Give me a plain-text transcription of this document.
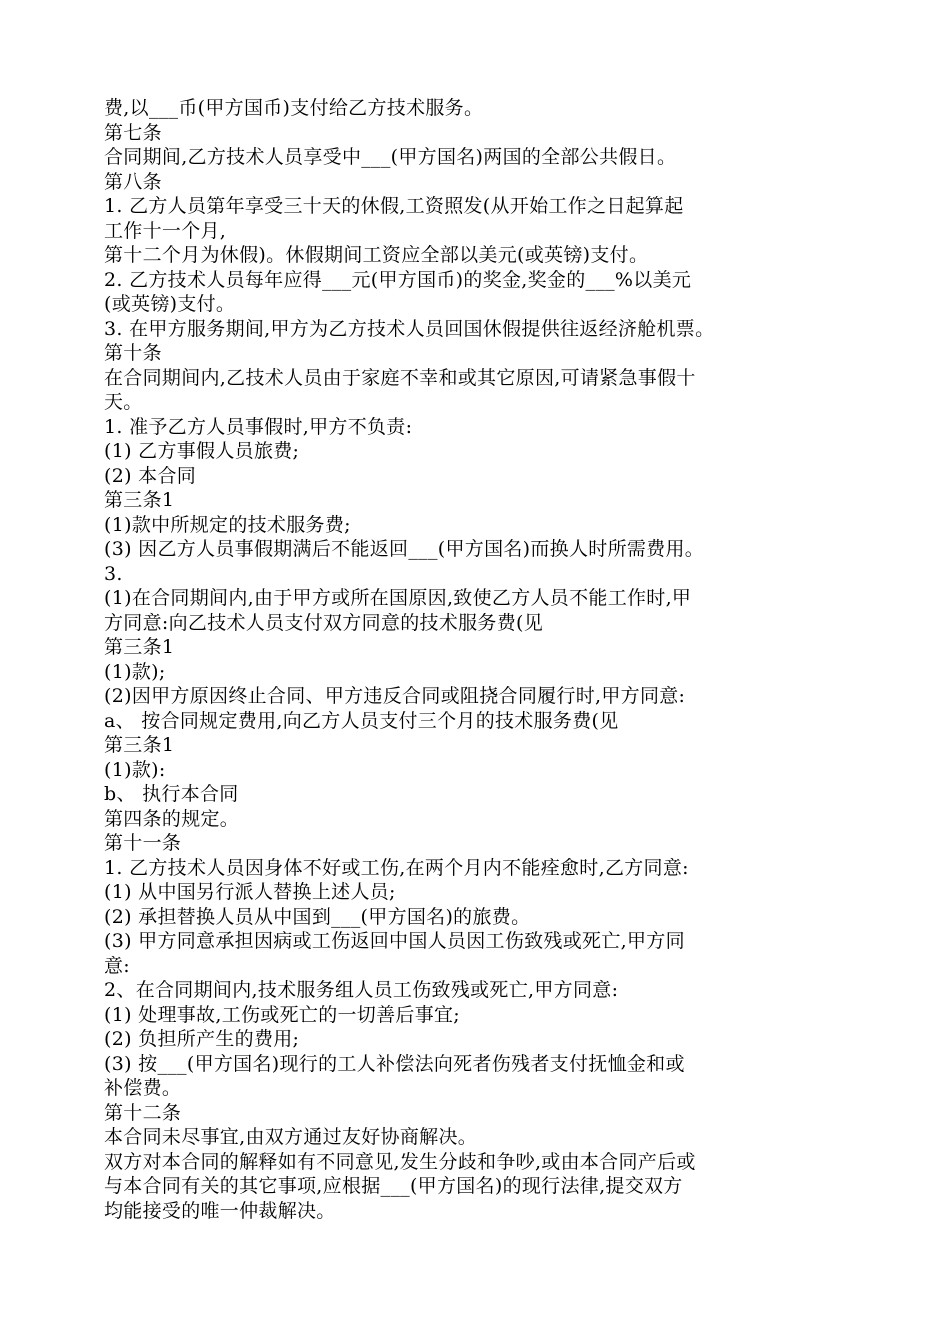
费,以___币(甲方国币)支付给乙方技术服务。
第七条
合同期间,乙方技术人员享受中___(甲方国名)两国的全部公共假日。
第八条
1. 乙方人员第年享受三十天的休假,工资照发(从开始工作之日起算起
工作十一个月,
第十二个月为休假)。休假期间工资应全部以美元(或英镑)支付。
2. 乙方技术人员每年应得___元(甲方国币)的奖金,奖金的___%以美元
(或英镑)支付。
3. 在甲方服务期间,甲方为乙方技术人员回国休假提供往返经济舱机票。
第十条
在合同期间内,乙技术人员由于家庭不幸和或其它原因,可请紧急事假十
天。
1. 准予乙方人员事假时,甲方不负责:
(1) 乙方事假人员旅费;
(2) 本合同
第三条1
(1)款中所规定的技术服务费;
(3) 因乙方人员事假期满后不能返回___(甲方国名)而换人时所需费用。
3.
(1)在合同期间内,由于甲方或所在国原因,致使乙方人员不能工作时,甲
方同意:向乙技术人员支付双方同意的技术服务费(见
第三条1
(1)款);
(2)因甲方原因终止合同、甲方违反合同或阻挠合同履行时,甲方同意:
a、 按合同规定费用,向乙方人员支付三个月的技术服务费(见
第三条1
(1)款):
b、 执行本合同
第四条的规定。
第十一条
1. 乙方技术人员因身体不好或工伤,在两个月内不能痊愈时,乙方同意:
(1) 从中国另行派人替换上述人员;
(2) 承担替换人员从中国到___(甲方国名)的旅费。
(3) 甲方同意承担因病或工伤返回中国人员因工伤致残或死亡,甲方同
意:
2、在合同期间内,技术服务组人员工伤致残或死亡,甲方同意:
(1) 处理事故,工伤或死亡的一切善后事宜;
(2) 负担所产生的费用;
(3) 按___(甲方国名)现行的工人补偿法向死者伤残者支付抚恤金和或
补偿费。
第十二条
本合同未尽事宜,由双方通过友好协商解决。
双方对本合同的解释如有不同意见,发生分歧和争吵,或由本合同产后或
与本合同有关的其它事项,应根据___(甲方国名)的现行法律,提交双方
均能接受的唯一仲裁解决。
